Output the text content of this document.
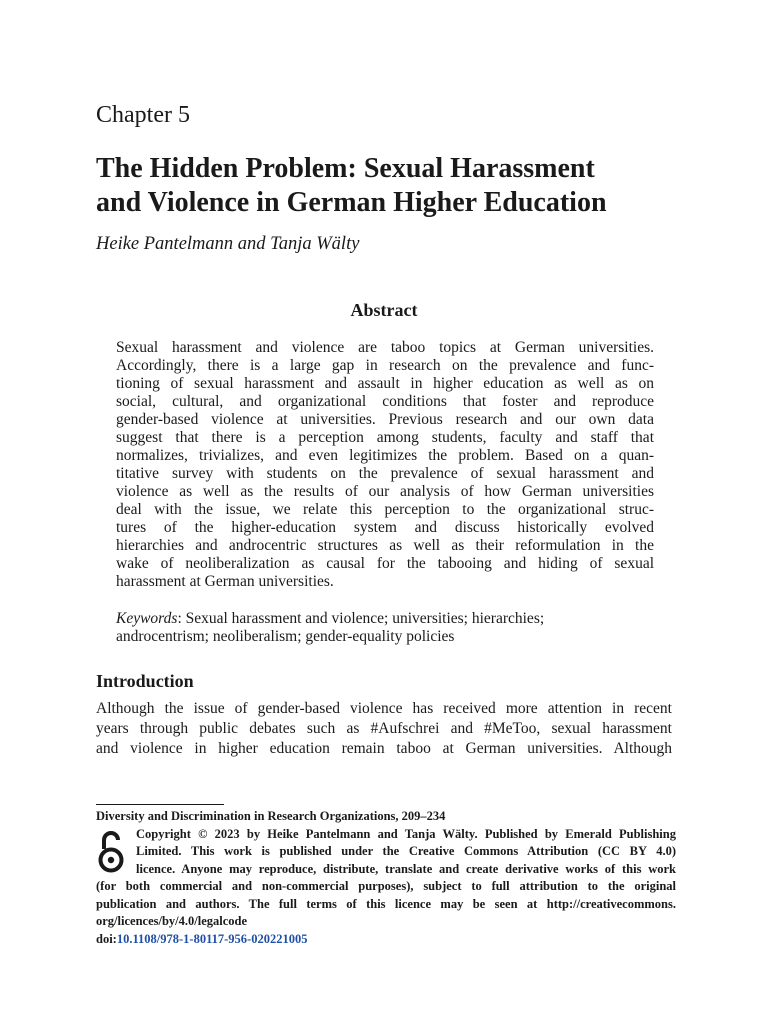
Chapter 5
The Hidden Problem: Sexual Harassment
and Violence in German Higher Education
Heike Pantelmann and Tanja Wälty
Abstract
Sexual harassment and violence are taboo topics at German universities.
Accordingly, there is a large gap in research on the prevalence and func-
tioning of sexual harassment and assault in higher education as well as on
social, cultural, and organizational conditions that foster and reproduce
gender-based violence at universities. Previous research and our own data
suggest that there is a perception among students, faculty and staff that
normalizes, trivializes, and even legitimizes the problem. Based on a quan-
titative survey with students on the prevalence of sexual harassment and
violence as well as the results of our analysis of how German universities
deal with the issue, we relate this perception to the organizational struc-
tures of the higher-education system and discuss historically evolved
hierarchies and androcentric structures as well as their reformulation in the
wake of neoliberalization as causal for the tabooing and hiding of sexual
harassment at German universities.
Keywords: Sexual harassment and violence; universities; hierarchies;
androcentrism; neoliberalism; gender-equality policies
Introduction
Although the issue of gender-based violence has received more attention in recent
years through public debates such as #Aufschrei and #MeToo, sexual harassment
and violence in higher education remain taboo at German universities. Although
Diversity and Discrimination in Research Organizations, 209–234
Copyright © 2023 by Heike Pantelmann and Tanja Wälty. Published by Emerald Publishing
Limited. This work is published under the Creative Commons Attribution (CC BY 4.0)
licence. Anyone may reproduce, distribute, translate and create derivative works of this work
(for both commercial and non-commercial purposes), subject to full attribution to the original
publication and authors. The full terms of this licence may be seen at http://creativecommons.
org/licences/by/4.0/legalcode
doi:10.1108/978-1-80117-956-020221005
